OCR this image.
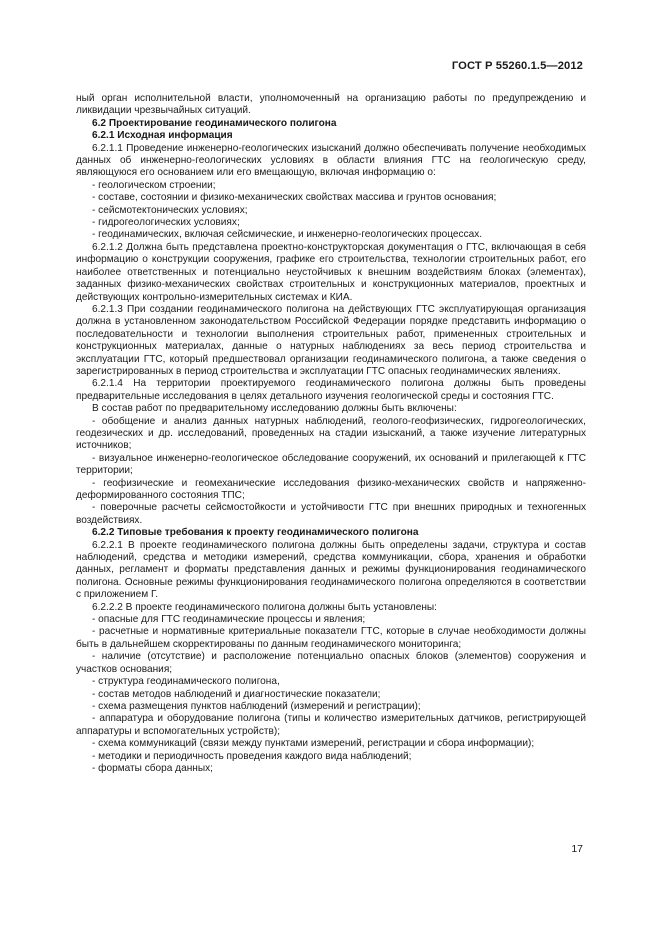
ГОСТ Р 55260.1.5—2012

ный орган исполнительной власти, уполномоченный на организацию работы по предупреждению и ликвидации чрезвычайных ситуаций.

6.2 Проектирование геодинамического полигона

6.2.1 Исходная информация

6.2.1.1 Проведение инженерно-геологических изысканий должно обеспечивать получение необходимых данных об инженерно-геологических условиях в области влияния ГТС на геологическую среду, являющуюся его основанием или его вмещающую, включая информацию о:

- геологическом строении;

- составе, состоянии и физико-механических свойствах массива и грунтов основания;

- сейсмотектонических условиях;

- гидрогеологических условиях;

- геодинамических, включая сейсмические, и инженерно-геологических процессах.

6.2.1.2 Должна быть представлена проектно-конструкторская документация о ГТС, включающая в себя информацию о конструкции сооружения, графике его строительства, технологии строительных работ, его наиболее ответственных и потенциально неустойчивых к внешним воздействиям блоках (элементах), заданных физико-механических свойствах строительных и конструкционных материалов, проектных и действующих контрольно-измерительных системах и КИА.

6.2.1.3 При создании геодинамического полигона на действующих ГТС эксплуатирующая организация должна в установленном законодательством Российской Федерации порядке представить информацию о последовательности и технологии выполнения строительных работ, примененных строительных и конструкционных материалах, данные о натурных наблюдениях за весь период строительства и эксплуатации ГТС, который предшествовал организации геодинамического полигона, а также сведения о зарегистрированных в период строительства и эксплуатации ГТС опасных геодинамических явлениях.

6.2.1.4 На территории проектируемого геодинамического полигона должны быть проведены предварительные исследования в целях детального изучения геологической среды и состояния ГТС.

В состав работ по предварительному исследованию должны быть включены:

- обобщение и анализ данных натурных наблюдений, геолого-геофизических, гидрогеологических, геодезических и др. исследований, проведенных на стадии изысканий, а также изучение литературных источников;

- визуальное инженерно-геологическое обследование сооружений, их оснований и прилегающей к ГТС территории;

- геофизические и геомеханические исследования физико-механических свойств и напряженно-деформированного состояния ТПС;

- поверочные расчеты сейсмостойкости и устойчивости ГТС при внешних природных и техногенных воздействиях.

6.2.2 Типовые требования к проекту геодинамического полигона

6.2.2.1 В проекте геодинамического полигона должны быть определены задачи, структура и состав наблюдений, средства и методики измерений, средства коммуникации, сбора, хранения и обработки данных, регламент и форматы представления данных и режимы функционирования геодинамического полигона. Основные режимы функционирования геодинамического полигона определяются в соответствии с приложением Г.

6.2.2.2 В проекте геодинамического полигона должны быть установлены:

- опасные для ГТС геодинамические процессы и явления;

- расчетные и нормативные критериальные показатели ГТС, которые в случае необходимости должны быть в дальнейшем скорректированы по данным геодинамического мониторинга;

- наличие (отсутствие) и расположение потенциально опасных блоков (элементов) сооружения и участков основания;

- структура геодинамического полигона,

- состав методов наблюдений и диагностические показатели;

- схема размещения пунктов наблюдений (измерений и регистрации);

- аппаратура и оборудование полигона (типы и количество измерительных датчиков, регистрирующей аппаратуры и вспомогательных устройств);

- схема коммуникаций (связи между пунктами измерений, регистрации и сбора информации);

- методики и периодичность проведения каждого вида наблюдений;

- форматы сбора данных;

17
